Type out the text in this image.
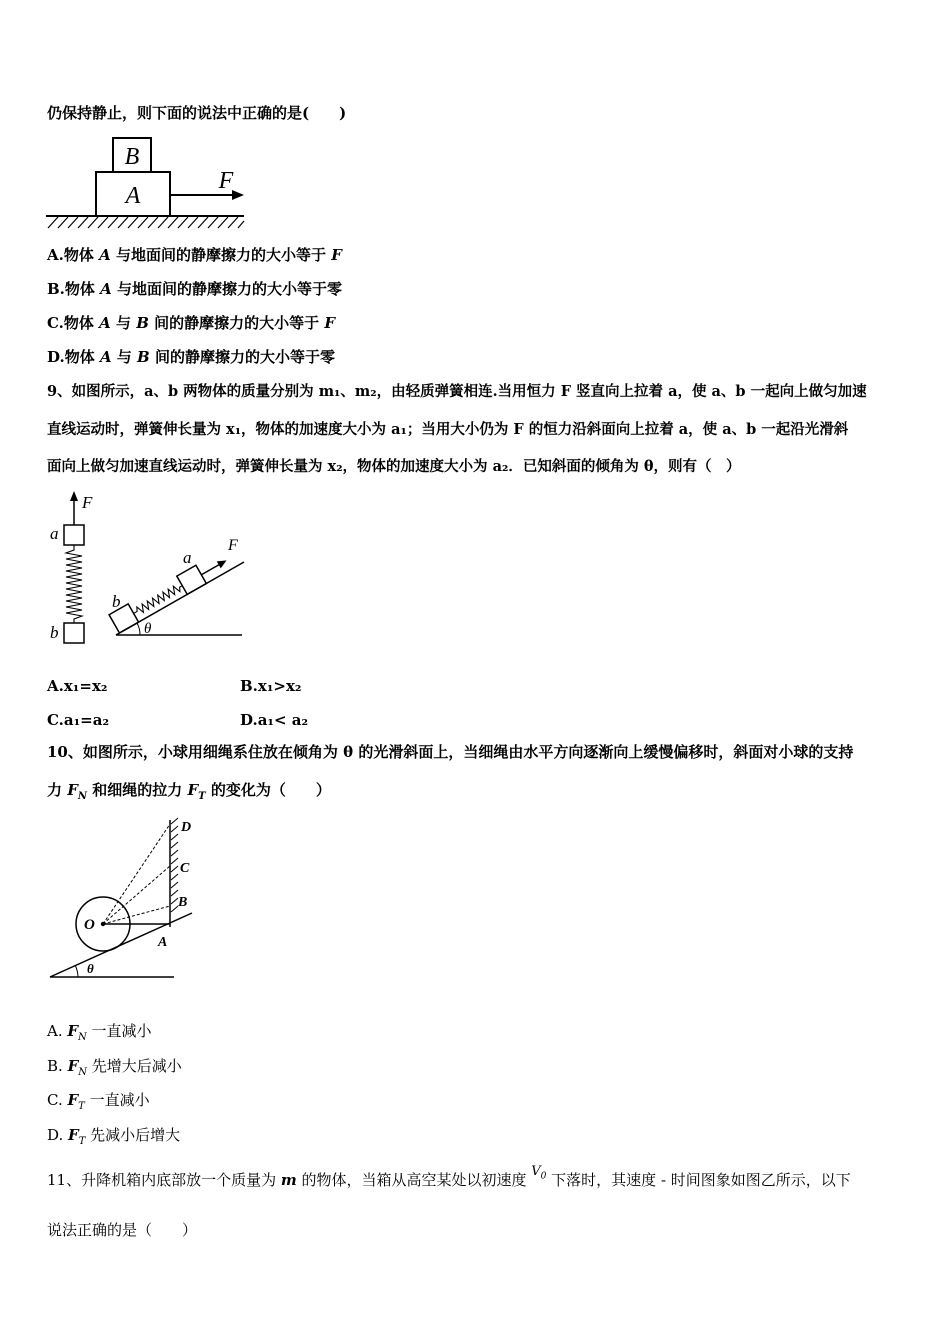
仍保持静止，则下面的说法中正确的是(　　)
B
A
F
A.物体 A 与地面间的静摩擦力的大小等于 F
B.物体 A 与地面间的静摩擦力的大小等于零
C.物体 A 与 B 间的静摩擦力的大小等于 F
D.物体 A 与 B 间的静摩擦力的大小等于零
9、如图所示，a、b 两物体的质量分别为 m₁、m₂，由轻质弹簧相连.当用恒力 F 竖直向上拉着 a，使 a、b 一起向上做匀加速
直线运动时，弹簧伸长量为 x₁，物体的加速度大小为 a₁；当用大小仍为 F 的恒力沿斜面向上拉着 a，使 a、b 一起沿光滑斜
面向上做匀加速直线运动时，弹簧伸长量为 x₂，物体的加速度大小为 a₂．已知斜面的倾角为 θ，则有（　）
a
b
F
θ
b
a
F
A.x₁=x₂	B.x₁>x₂
C.a₁=a₂	D.a₁< a₂
10、如图所示，小球用细绳系住放在倾角为 θ 的光滑斜面上，当细绳由水平方向逐渐向上缓慢偏移时，斜面对小球的支持
力 $F_N$ 和细绳的拉力 $F_T$ 的变化为（　　）
θ
O
A
B
C
D
A. $F_N$ 一直减小
B. $F_N$ 先增大后减小
C. $F_T$ 一直减小
D. $F_T$ 先减小后增大
11、升降机箱内底部放一个质量为 m 的物体，当箱从高空某处以初速度 $V_0$ 下落时，其速度 - 时间图象如图乙所示，以下
说法正确的是（　　）
